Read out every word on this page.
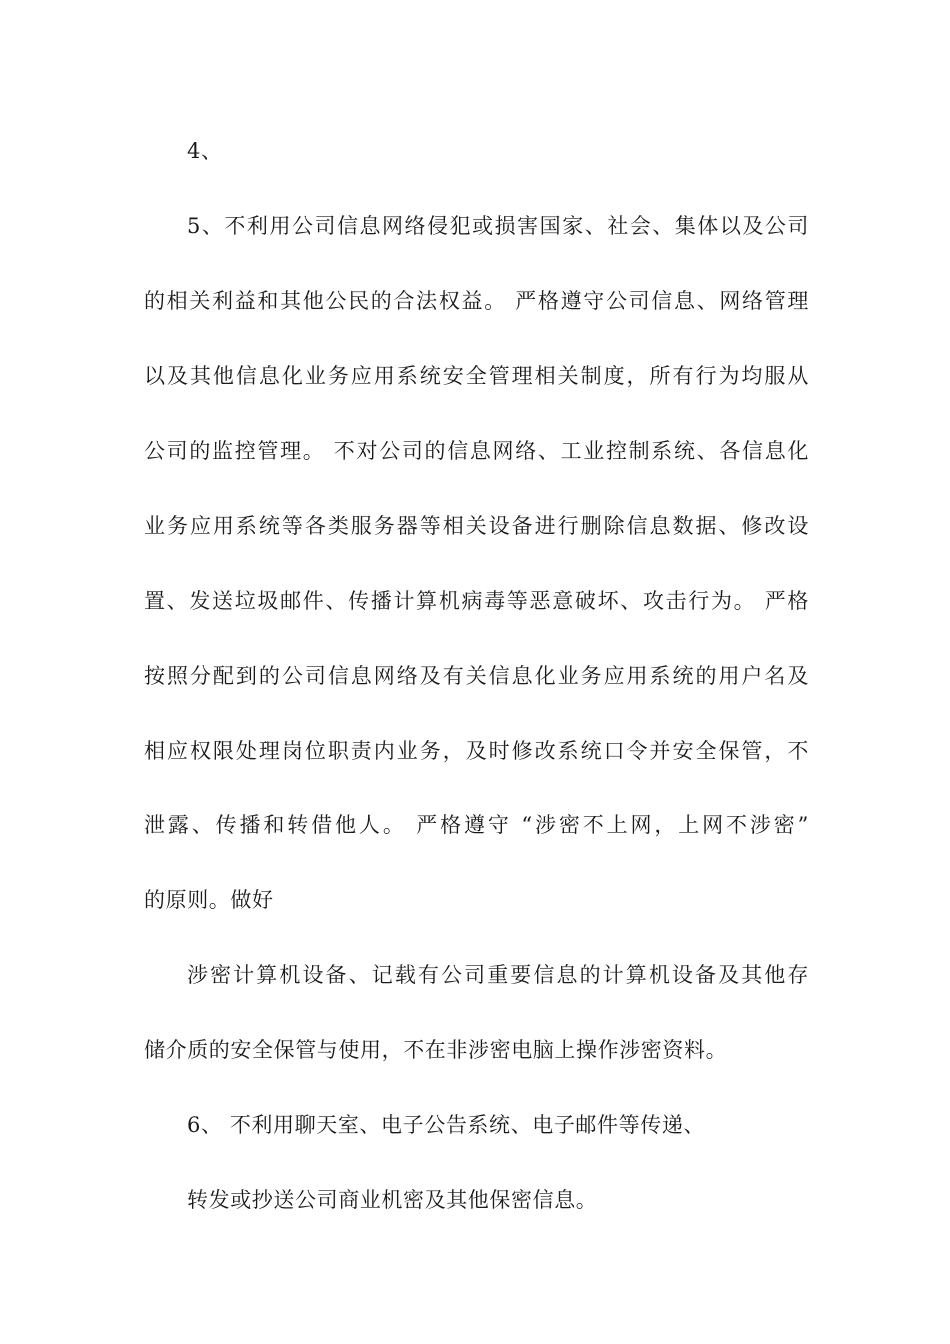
4、
5、不利用公司信息网络侵犯或损害国家、社会、集体以及公司
的相关利益和其他公民的合法权益。 严格遵守公司信息、网络管理
以及其他信息化业务应用系统安全管理相关制度，所有行为均服从
公司的监控管理。 不对公司的信息网络、工业控制系统、各信息化
业务应用系统等各类服务器等相关设备进行删除信息数据、修改设
置、发送垃圾邮件、传播计算机病毒等恶意破坏、攻击行为。 严格
按照分配到的公司信息网络及有关信息化业务应用系统的用户名及
相应权限处理岗位职责内业务，及时修改系统口令并安全保管，不
泄露、传播和转借他人。 严格遵守 “涉密不上网，上网不涉密”
的原则。做好
涉密计算机设备、记载有公司重要信息的计算机设备及其他存
储介质的安全保管与使用，不在非涉密电脑上操作涉密资料。
6、 不利用聊天室、电子公告系统、电子邮件等传递、
转发或抄送公司商业机密及其他保密信息。
